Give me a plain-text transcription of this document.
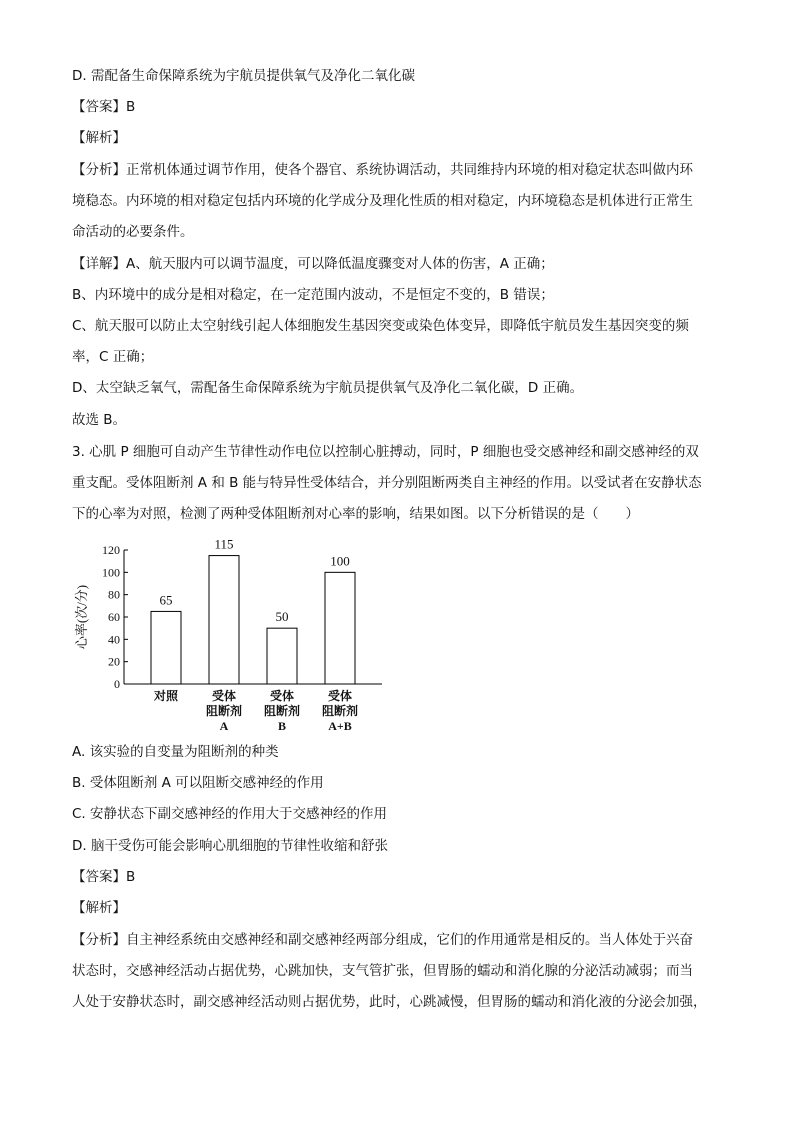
D. 需配备生命保障系统为宇航员提供氧气及净化二氧化碳
【答案】B
【解析】
【分析】正常机体通过调节作用，使各个器官、系统协调活动，共同维持内环境的相对稳定状态叫做内环
境稳态。内环境的相对稳定包括内环境的化学成分及理化性质的相对稳定，内环境稳态是机体进行正常生
命活动的必要条件。
【详解】A、航天服内可以调节温度，可以降低温度骤变对人体的伤害，A 正确；
B、内环境中的成分是相对稳定，在一定范围内波动，不是恒定不变的，B 错误；
C、航天服可以防止太空射线引起人体细胞发生基因突变或染色体变异，即降低宇航员发生基因突变的频
率，C 正确；
D、太空缺乏氧气，需配备生命保障系统为宇航员提供氧气及净化二氧化碳，D 正确。
故选 B。
3. 心肌 P 细胞可自动产生节律性动作电位以控制心脏搏动，同时，P 细胞也受交感神经和副交感神经的双
重支配。受体阻断剂 A 和 B 能与特异性受体结合，并分别阻断两类自主神经的作用。以受试者在安静状态
下的心率为对照，检测了两种受体阻断剂对心率的影响，结果如图。以下分析错误的是（　　）
心率(次/分)
0
20
40
60
80
100
120
65
对照
115
受体
阻断剂
A
50
受体
阻断剂
B
100
受体
阻断剂
A+B
A. 该实验的自变量为阻断剂的种类
B. 受体阻断剂 A 可以阻断交感神经的作用
C. 安静状态下副交感神经的作用大于交感神经的作用
D. 脑干受伤可能会影响心肌细胞的节律性收缩和舒张
【答案】B
【解析】
【分析】自主神经系统由交感神经和副交感神经两部分组成，它们的作用通常是相反的。当人体处于兴奋
状态时，交感神经活动占据优势，心跳加快，支气管扩张，但胃肠的蠕动和消化腺的分泌活动减弱；而当
人处于安静状态时，副交感神经活动则占据优势，此时，心跳减慢，但胃肠的蠕动和消化液的分泌会加强，
